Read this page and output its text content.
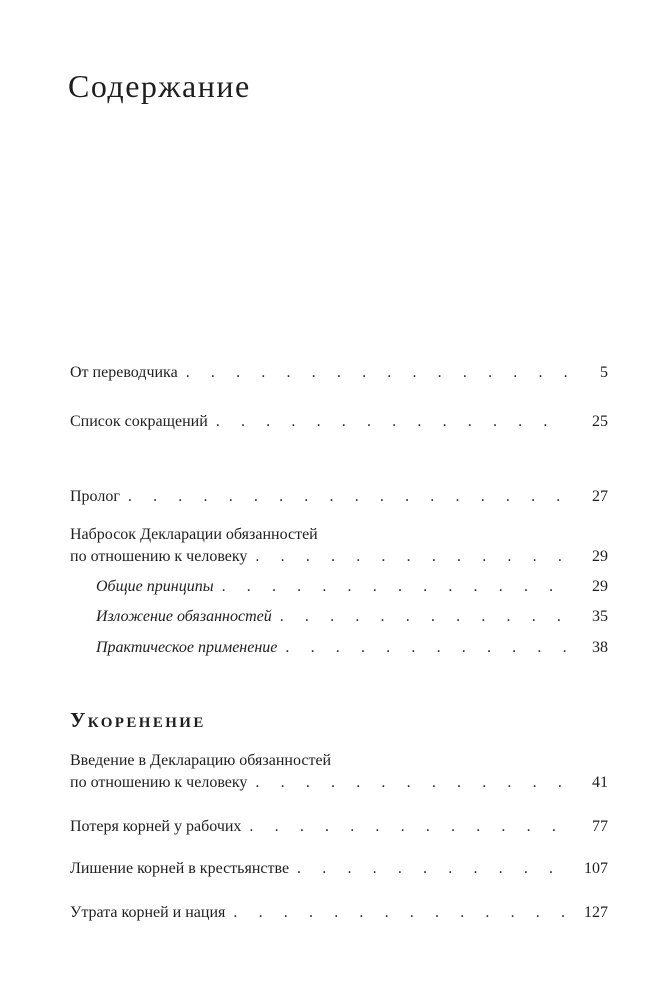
Содержание
От переводчика . . .	5
Список сокращений . . .	25
Пролог . . .	27
Набросок Декларации обязанностей
по отношению к человеку . . .	29
Общие принципы . . .	29
Изложение обязанностей . . .	35
Практическое применение . . .	38
Укоренение
Введение в Декларацию обязанностей
по отношению к человеку . . .	41
Потеря корней у рабочих . . .	77
Лишение корней в крестьянстве . . .	107
Утрата корней и нация . . .	127
